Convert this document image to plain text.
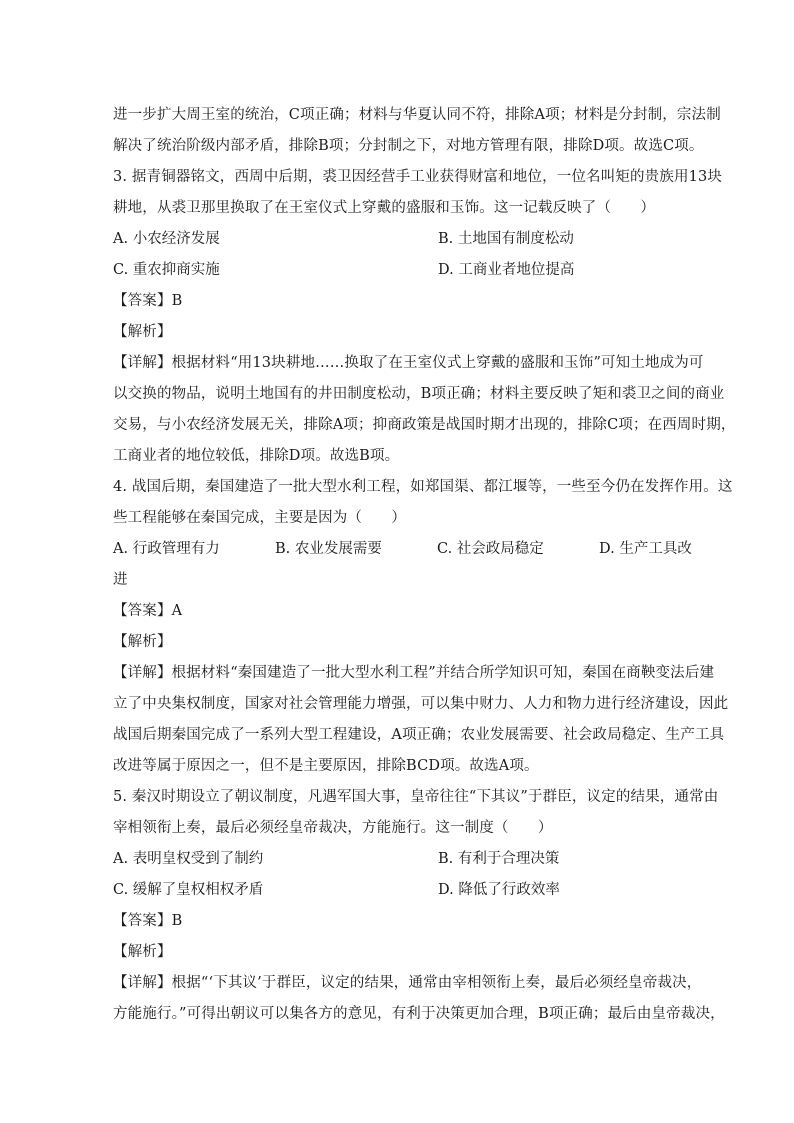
进一步扩大周王室的统治，C项正确；材料与华夏认同不符，排除A项；材料是分封制，宗法制
解决了统治阶级内部矛盾，排除B项；分封制之下，对地方管理有限，排除D项。故选C项。
3. 据青铜器铭文，西周中后期，裘卫因经营手工业获得财富和地位，一位名叫矩的贵族用13块
耕地，从裘卫那里换取了在王室仪式上穿戴的盛服和玉饰。这一记载反映了（　　）
A. 小农经济发展	B. 土地国有制度松动
C. 重农抑商实施	D. 工商业者地位提高
【答案】B
【解析】
【详解】根据材料“用13块耕地……换取了在王室仪式上穿戴的盛服和玉饰”可知土地成为可
以交换的物品，说明土地国有的井田制度松动，B项正确；材料主要反映了矩和裘卫之间的商业
交易，与小农经济发展无关，排除A项；抑商政策是战国时期才出现的，排除C项；在西周时期，
工商业者的地位较低，排除D项。故选B项。
4. 战国后期，秦国建造了一批大型水利工程，如郑国渠、都江堰等，一些至今仍在发挥作用。这
些工程能够在秦国完成，主要是因为（　　）
A. 行政管理有力	B. 农业发展需要	C. 社会政局稳定	D. 生产工具改
进
【答案】A
【解析】
【详解】根据材料“秦国建造了一批大型水利工程”并结合所学知识可知，秦国在商鞅变法后建
立了中央集权制度，国家对社会管理能力增强，可以集中财力、人力和物力进行经济建设，因此
战国后期秦国完成了一系列大型工程建设，A项正确；农业发展需要、社会政局稳定、生产工具
改进等属于原因之一，但不是主要原因，排除BCD项。故选A项。
5. 秦汉时期设立了朝议制度，凡遇军国大事，皇帝往往“下其议”于群臣，议定的结果，通常由
宰相领衔上奏，最后必须经皇帝裁决，方能施行。这一制度（　　）
A. 表明皇权受到了制约	B. 有利于合理决策
C. 缓解了皇权相权矛盾	D. 降低了行政效率
【答案】B
【解析】
【详解】根据“‘下其议’于群臣，议定的结果，通常由宰相领衔上奏，最后必须经皇帝裁决，
方能施行。”可得出朝议可以集各方的意见，有利于决策更加合理，B项正确；最后由皇帝裁决，
